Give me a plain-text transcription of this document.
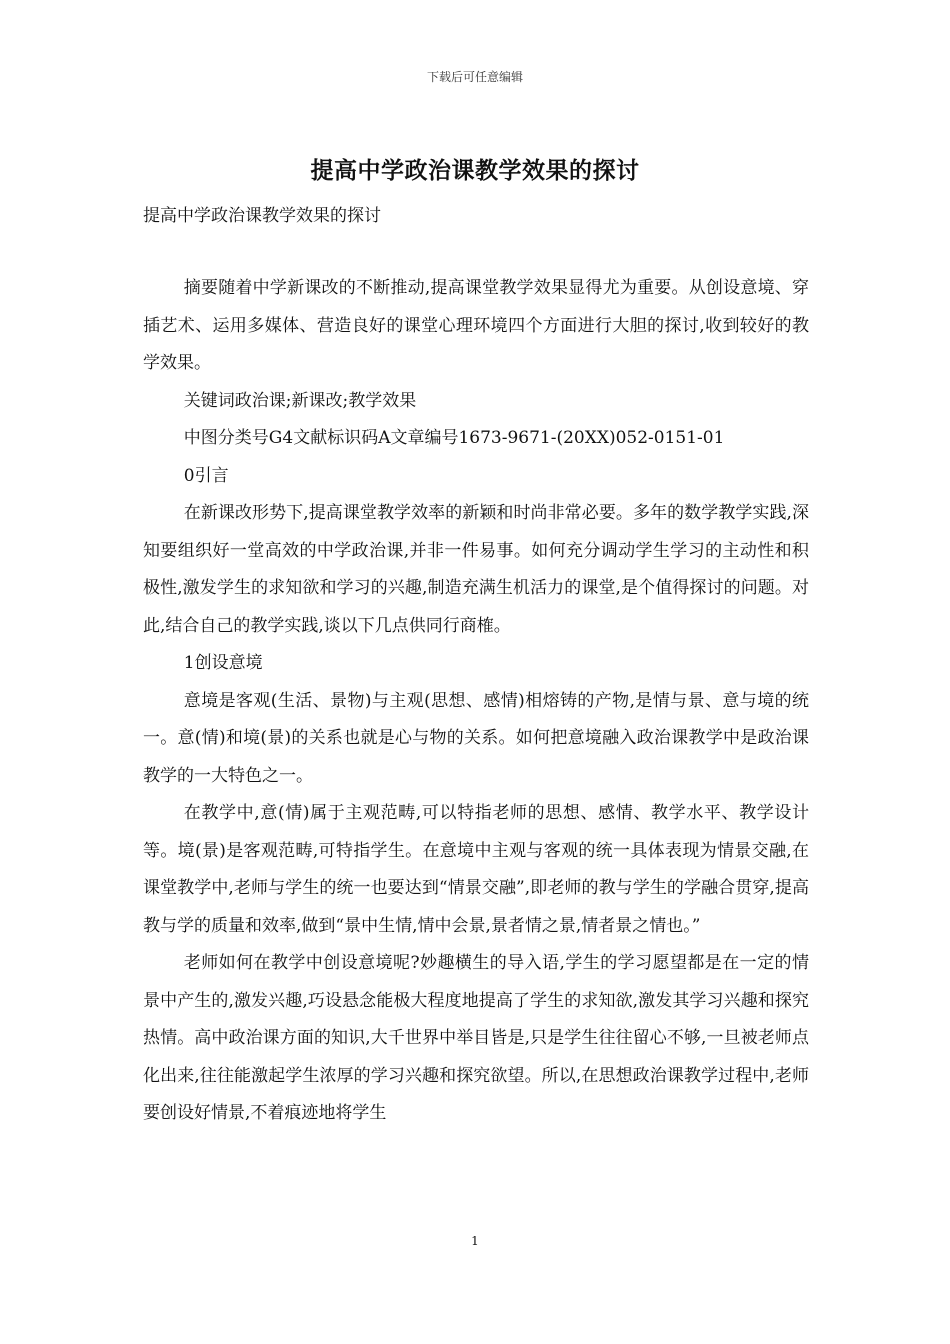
下载后可任意编辑
提高中学政治课教学效果的探讨

提高中学政治课教学效果的探讨

摘要随着中学新课改的不断推动,提高课堂教学效果显得尤为重要。从创设意境、穿插艺术、运用多媒体、营造良好的课堂心理环境四个方面进行大胆的探讨,收到较好的教学效果。

关键词政治课;新课改;教学效果

中图分类号G4文献标识码A文章编号1673-9671-(20XX)052-0151-01

0引言

在新课改形势下,提高课堂教学效率的新颖和时尚非常必要。多年的数学教学实践,深知要组织好一堂高效的中学政治课,并非一件易事。如何充分调动学生学习的主动性和积极性,激发学生的求知欲和学习的兴趣,制造充满生机活力的课堂,是个值得探讨的问题。对此,结合自己的教学实践,谈以下几点供同行商榷。

1创设意境

意境是客观(生活、景物)与主观(思想、感情)相熔铸的产物,是情与景、意与境的统一。意(情)和境(景)的关系也就是心与物的关系。如何把意境融入政治课教学中是政治课教学的一大特色之一。

在教学中,意(情)属于主观范畴,可以特指老师的思想、感情、教学水平、教学设计等。境(景)是客观范畴,可特指学生。在意境中主观与客观的统一具体表现为情景交融,在课堂教学中,老师与学生的统一也要达到“情景交融”,即老师的教与学生的学融合贯穿,提高教与学的质量和效率,做到“景中生情,情中会景,景者情之景,情者景之情也。”

老师如何在教学中创设意境呢?妙趣横生的导入语,学生的学习愿望都是在一定的情景中产生的,激发兴趣,巧设悬念能极大程度地提高了学生的求知欲,激发其学习兴趣和探究热情。高中政治课方面的知识,大千世界中举目皆是,只是学生往往留心不够,一旦被老师点化出来,往往能激起学生浓厚的学习兴趣和探究欲望。所以,在思想政治课教学过程中,老师要创设好情景,不着痕迹地将学生

1
